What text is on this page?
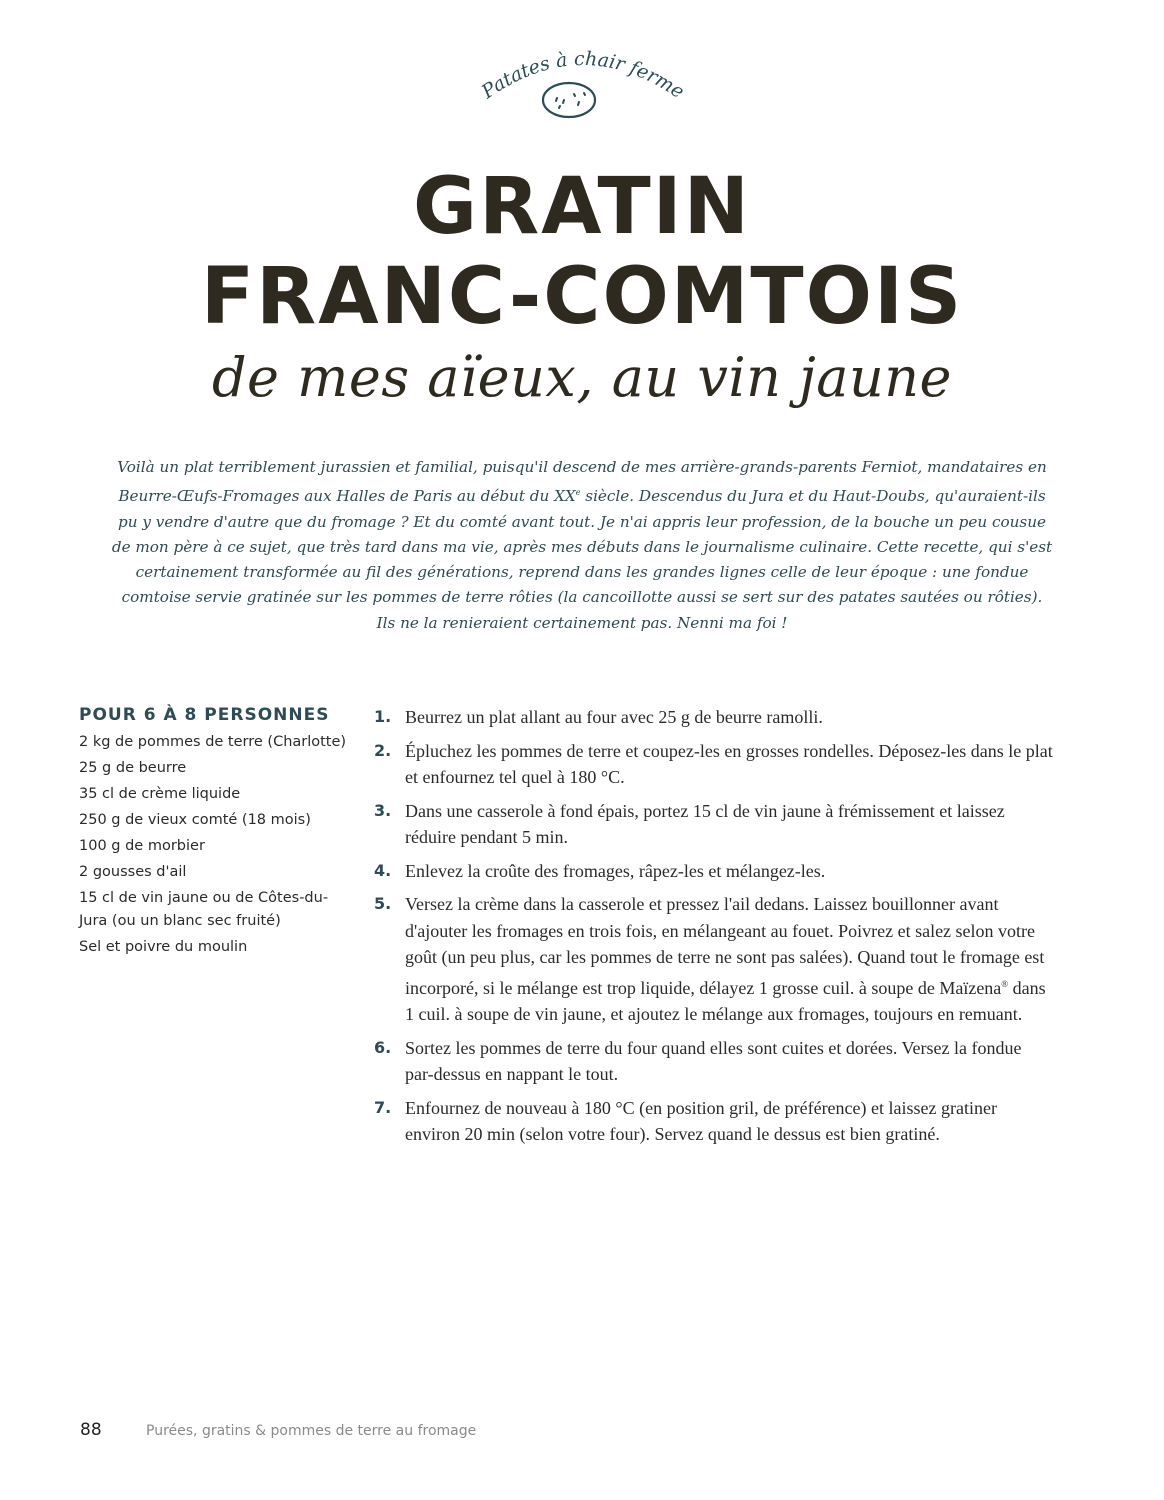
Patates à chair ferme
GRATIN
FRANC-COMTOIS
de mes aïeux, au vin jaune

Voilà un plat terriblement jurassien et familial, puisqu'il descend de mes arrière-grands-parents Ferniot, mandataires en Beurre-Œufs-Fromages aux Halles de Paris au début du XXe siècle. Descendus du Jura et du Haut-Doubs, qu'auraient-ils pu y vendre d'autre que du fromage ? Et du comté avant tout. Je n'ai appris leur profession, de la bouche un peu cousue de mon père à ce sujet, que très tard dans ma vie, après mes débuts dans le journalisme culinaire. Cette recette, qui s'est certainement transformée au fil des générations, reprend dans les grandes lignes celle de leur époque : une fondue comtoise servie gratinée sur les pommes de terre rôties (la cancoillotte aussi se sert sur des patates sautées ou rôties). Ils ne la renieraient certainement pas. Nenni ma foi !

POUR 6 À 8 PERSONNES
2 kg de pommes de terre (Charlotte)
25 g de beurre
35 cl de crème liquide
250 g de vieux comté (18 mois)
100 g de morbier
2 gousses d'ail
15 cl de vin jaune ou de Côtes-du-Jura (ou un blanc sec fruité)
Sel et poivre du moulin
1. Beurrez un plat allant au four avec 25 g de beurre ramolli.
2. Épluchez les pommes de terre et coupez-les en grosses rondelles. Déposez-les dans le plat et enfournez tel quel à 180 °C.
3. Dans une casserole à fond épais, portez 15 cl de vin jaune à frémissement et laissez réduire pendant 5 min.
4. Enlevez la croûte des fromages, râpez-les et mélangez-les.
5. Versez la crème dans la casserole et pressez l'ail dedans. Laissez bouillonner avant d'ajouter les fromages en trois fois, en mélangeant au fouet. Poivrez et salez selon votre goût (un peu plus, car les pommes de terre ne sont pas salées). Quand tout le fromage est incorporé, si le mélange est trop liquide, délayez 1 grosse cuil. à soupe de Maïzena® dans 1 cuil. à soupe de vin jaune, et ajoutez le mélange aux fromages, toujours en remuant.
6. Sortez les pommes de terre du four quand elles sont cuites et dorées. Versez la fondue par-dessus en nappant le tout.
7. Enfournez de nouveau à 180 °C (en position gril, de préférence) et laissez gratiner environ 20 min (selon votre four). Servez quand le dessus est bien gratiné.
88	Purées, gratins & pommes de terre au fromage
